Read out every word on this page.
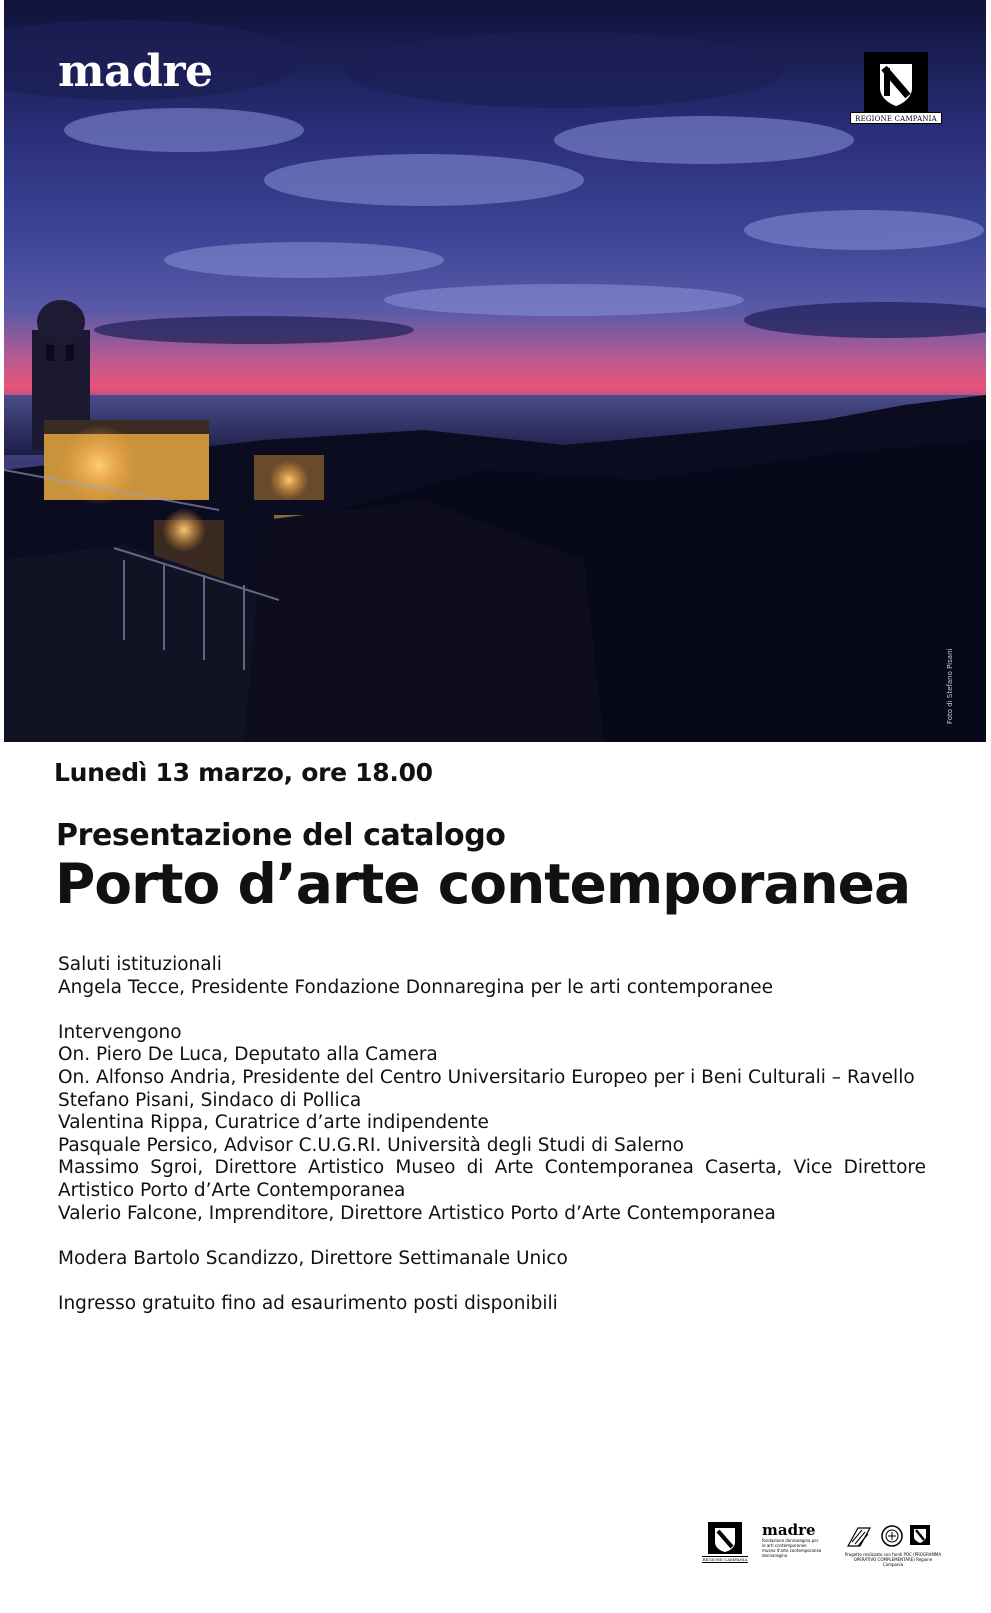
madre
REGIONE CAMPANIA
Foto di Stefano Pisani
Lunedì 13 marzo, ore 18.00
Presentazione del catalogo
Porto d’arte contemporanea

Saluti istituzionali

Angela Tecce, Presidente Fondazione Donnaregina per le arti contemporanee

Intervengono

On. Piero De Luca, Deputato alla Camera

On. Alfonso Andria, Presidente del Centro Universitario Europeo per i Beni Culturali – Ravello

Stefano Pisani, Sindaco di Pollica

Valentina Rippa, Curatrice d’arte indipendente

Pasquale Persico, Advisor C.U.G.RI. Università degli Studi di Salerno

Massimo Sgroi, Direttore Artistico Museo di Arte Contemporanea Caserta, Vice Direttore Artistico Porto d’Arte Contemporanea

Valerio Falcone, Imprenditore, Direttore Artistico Porto d’Arte Contemporanea

Modera Bartolo Scandizzo, Direttore Settimanale Unico

Ingresso gratuito fino ad esaurimento posti disponibili

REGIONE CAMPANIA
madre
fondazione donnaregina per le arti contemporanee
museo d'arte contemporanea donnaregina	Progetto realizzato con fondi POC (PROGRAMMA OPERATIVO COMPLEMENTARE) Regione Campania
